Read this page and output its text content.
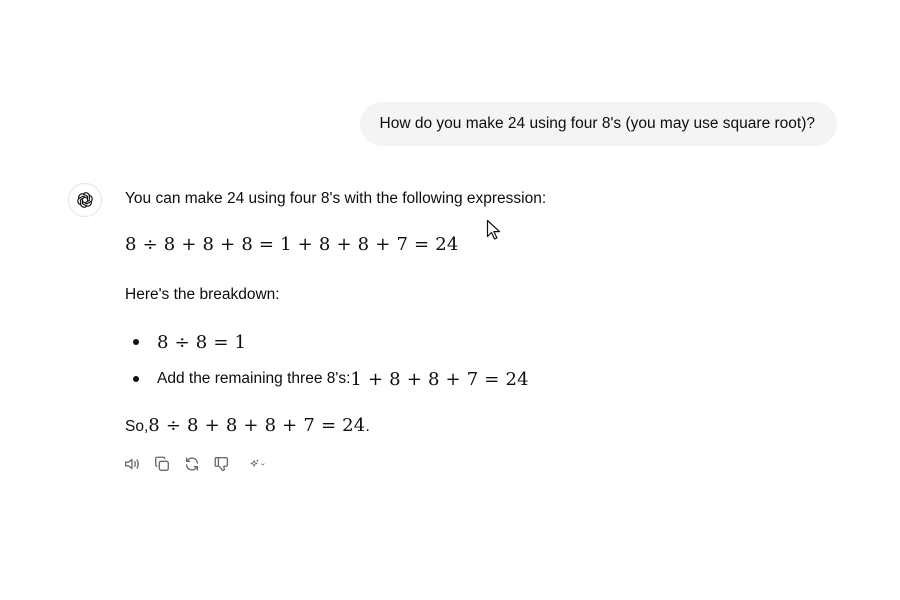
How do you make 24 using four 8's (you may use square root)?
You can make 24 using four 8's with the following expression:
8 ÷ 8 + 8 + 8 = 1 + 8 + 8 + 7 = 24
Here's the breakdown:
8 ÷ 8 = 1
Add the remaining three 8's: 1 + 8 + 8 + 7 = 24
So, 8 ÷ 8 + 8 + 8 + 7 = 24 .
